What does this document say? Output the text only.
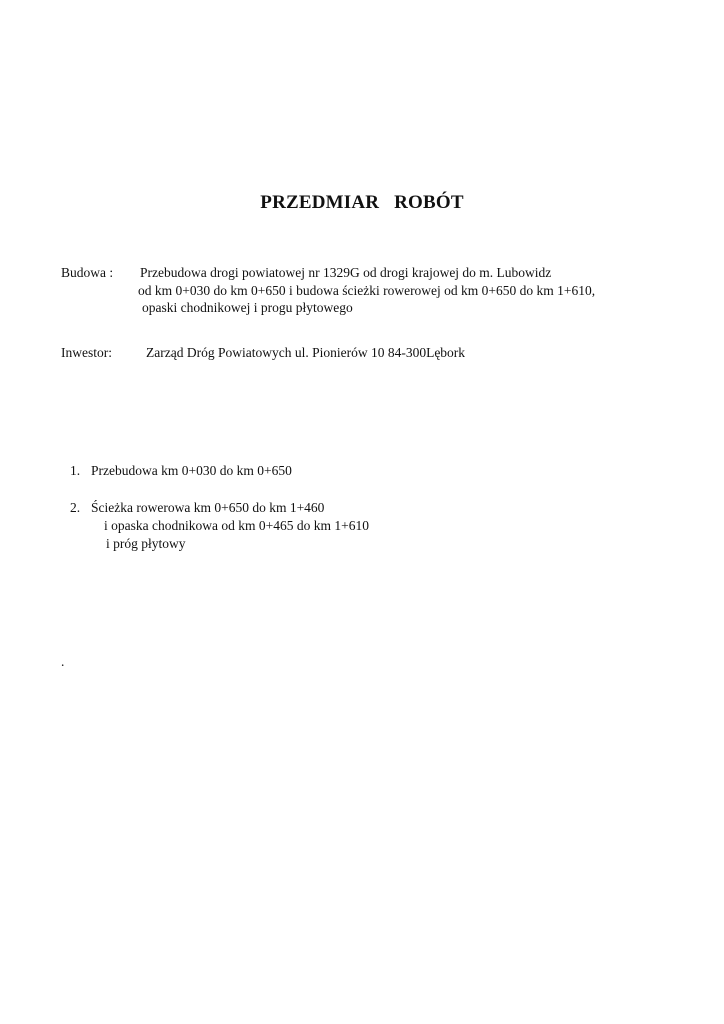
PRZEDMIAR   ROBÓT
Budowa : Przebudowa drogi powiatowej nr 1329G od drogi krajowej do m. Lubowidz
od km 0+030 do km 0+650 i budowa ścieżki rowerowej od km 0+650 do km 1+610,
opaski chodnikowej i progu płytowego
Inwestor:	Zarząd Dróg Powiatowych ul. Pionierów 10 84-300Lębork
1. Przebudowa km 0+030 do km 0+650
2. Ścieżka rowerowa km 0+650 do km 1+460
i opaska chodnikowa od km 0+465 do km 1+610
i próg płytowy
.
